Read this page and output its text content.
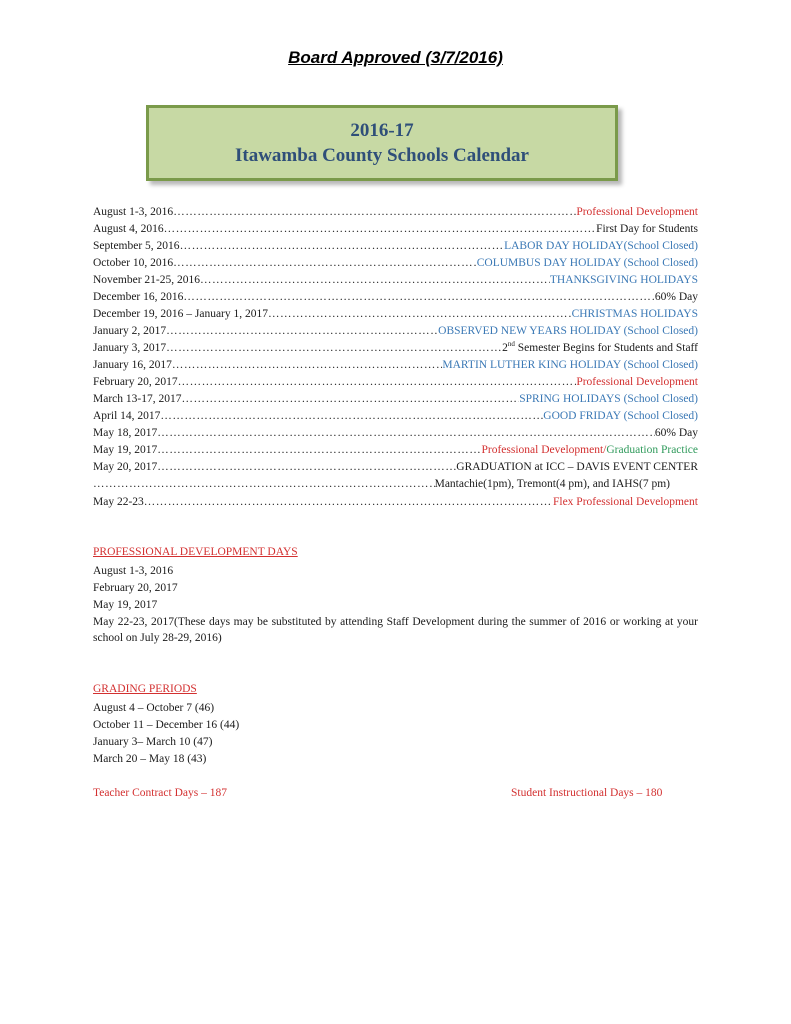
Board Approved (3/7/2016)
2016-17
Itawamba County Schools Calendar
August 1-3, 2016 ………………………………………………………………………………………………………………………………………………………………………………	Professional Development
August 4, 2016 ………………………………………………………………………………………………………………………………………………………………………………	First Day for Students
September 5, 2016 ………………………………………………………………………………………………………………………………………………………………………………	LABOR DAY HOLIDAY(School Closed)
October 10, 2016 ………………………………………………………………………………………………………………………………………………………………………………	COLUMBUS DAY HOLIDAY (School Closed)
November 21-25, 2016 ………………………………………………………………………………………………………………………………………………………………………………	THANKSGIVING HOLIDAYS
December 16, 2016 ………………………………………………………………………………………………………………………………………………………………………………	60% Day
December 19, 2016 – January 1, 2017 ………………………………………………………………………………………………………………………………………………………………………………	CHRISTMAS HOLIDAYS
January 2, 2017 ………………………………………………………………………………………………………………………………………………………………………………	OBSERVED NEW YEARS HOLIDAY (School Closed)
January 3, 2017 ………………………………………………………………………………………………………………………………………………………………………………	2nd Semester Begins for Students and Staff
January 16, 2017 ………………………………………………………………………………………………………………………………………………………………………………	MARTIN LUTHER KING HOLIDAY (School Closed)
February 20, 2017 ………………………………………………………………………………………………………………………………………………………………………………	Professional Development
March 13-17, 2017 ………………………………………………………………………………………………………………………………………………………………………………	SPRING HOLIDAYS (School Closed)
April 14, 2017 ………………………………………………………………………………………………………………………………………………………………………………	GOOD FRIDAY (School Closed)
May 18, 2017 ………………………………………………………………………………………………………………………………………………………………………………	60% Day
May 19, 2017 ………………………………………………………………………………………………………………………………………………………………………………	Professional Development/Graduation Practice
May 20, 2017 ………………………………………………………………………………………………………………………………………………………………………………	GRADUATION at ICC – DAVIS EVENT CENTER
………………………………………………………………………………………………………………………………………………………………………………
Mantachie(1pm), Tremont(4 pm), and IAHS(7 pm)
May 22-23 ………………………………………………………………………………………………………………………………………………………………………………	Flex Professional Development
PROFESSIONAL DEVELOPMENT DAYS
August 1-3, 2016
February 20, 2017
May 19, 2017
May 22-23, 2017(These days may be substituted by attending Staff Development during the summer of 2016 or working at your school on July 28-29, 2016)
GRADING PERIODS
August 4 – October 7 (46)
October 11 – December 16 (44)
January 3– March 10 (47)
March 20 – May 18 (43)
Teacher Contract Days – 187	Student Instructional Days – 180
